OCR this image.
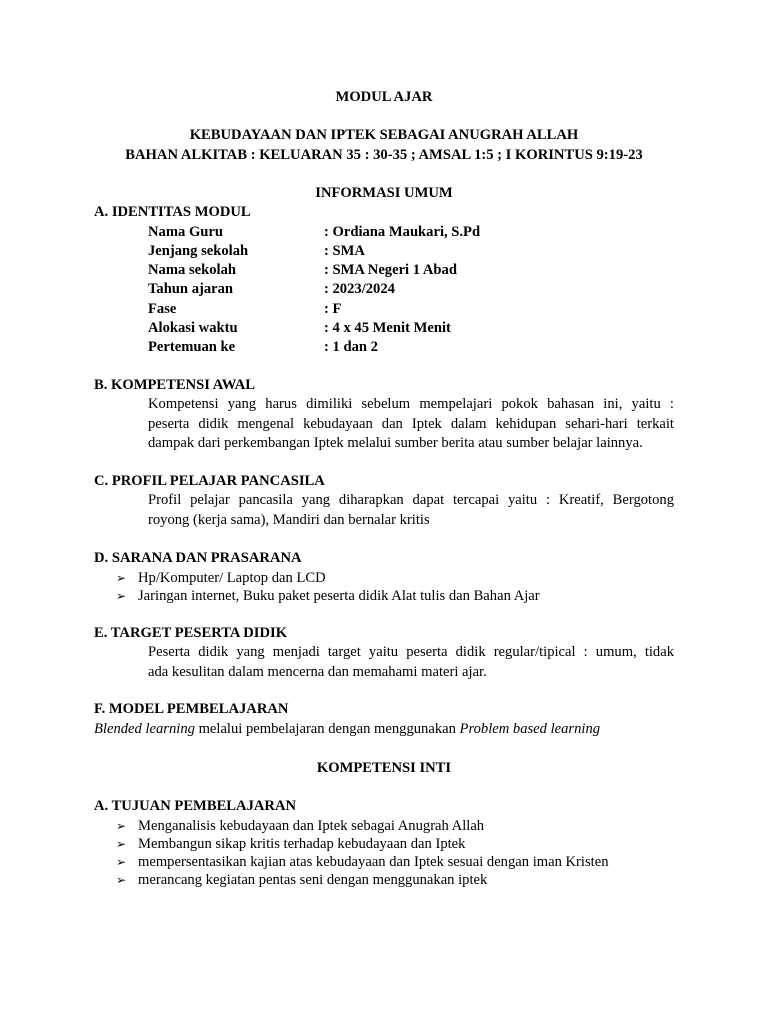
MODUL AJAR
KEBUDAYAAN DAN IPTEK SEBAGAI ANUGRAH ALLAH
BAHAN ALKITAB : KELUARAN 35 : 30-35 ; AMSAL 1:5 ; I KORINTUS 9:19-23
INFORMASI UMUM
A. IDENTITAS MODUL
Nama Guru	: Ordiana Maukari, S.Pd
Jenjang sekolah	: SMA
Nama sekolah	: SMA Negeri 1 Abad
Tahun ajaran	: 2023/2024
Fase	: F
Alokasi waktu	: 4 x 45 Menit Menit
Pertemuan ke	: 1 dan 2
B. KOMPETENSI AWAL
Kompetensi yang harus dimiliki sebelum mempelajari pokok bahasan ini, yaitu :
peserta didik mengenal kebudayaan dan Iptek dalam kehidupan sehari-hari terkait
dampak dari perkembangan Iptek melalui sumber berita atau sumber belajar lainnya.
C. PROFIL PELAJAR PANCASILA
Profil pelajar pancasila yang diharapkan dapat tercapai yaitu : Kreatif, Bergotong
royong (kerja sama), Mandiri dan bernalar kritis
D. SARANA DAN PRASARANA
➢ Hp/Komputer/ Laptop dan LCD
➢ Jaringan internet, Buku paket peserta didik Alat tulis dan Bahan Ajar
E. TARGET PESERTA DIDIK
Peserta didik yang menjadi target yaitu peserta didik regular/tipical : umum, tidak
ada kesulitan dalam mencerna dan memahami materi ajar.
F. MODEL PEMBELAJARAN
Blended learning melalui pembelajaran dengan menggunakan Problem based learning
KOMPETENSI INTI
A. TUJUAN PEMBELAJARAN
➢ Menganalisis kebudayaan dan Iptek sebagai Anugrah Allah
➢ Membangun sikap kritis terhadap kebudayaan dan Iptek
➢ mempersentasikan kajian atas kebudayaan dan Iptek sesuai dengan iman Kristen
➢ merancang kegiatan pentas seni dengan menggunakan iptek
